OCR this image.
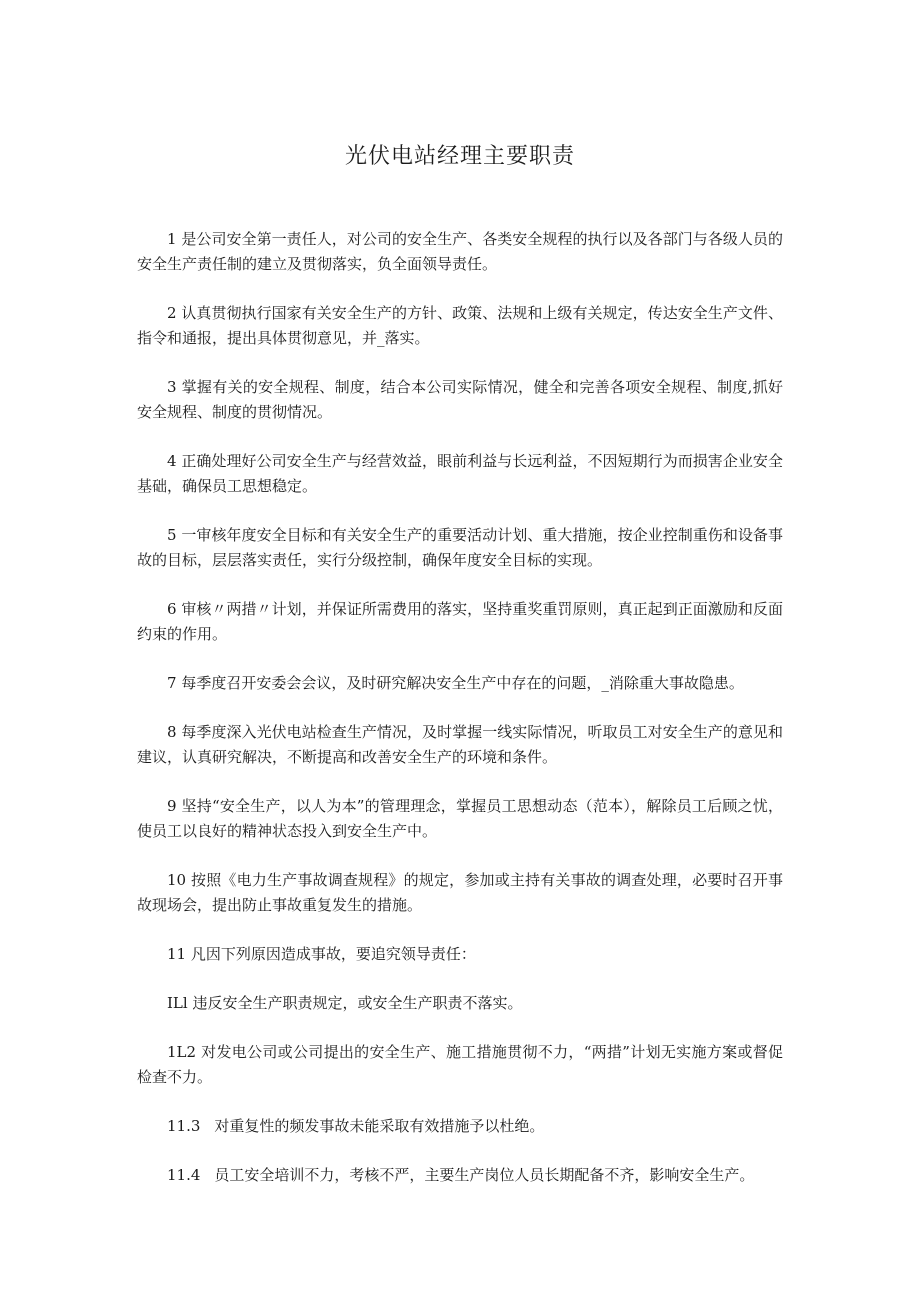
光伏电站经理主要职责

1 是公司安全第一责任人，对公司的安全生产、各类安全规程的执行以及各部门与各级人员的安全生产责任制的建立及贯彻落实，负全面领导责任。

2 认真贯彻执行国家有关安全生产的方针、政策、法规和上级有关规定，传达安全生产文件、指令和通报，提出具体贯彻意见，并_落实。

3 掌握有关的安全规程、制度，结合本公司实际情况，健全和完善各项安全规程、制度,抓好安全规程、制度的贯彻情况。

4 正确处理好公司安全生产与经营效益，眼前利益与长远利益，不因短期行为而损害企业安全基础，确保员工思想稳定。

5 一审核年度安全目标和有关安全生产的重要活动计划、重大措施，按企业控制重伤和设备事故的目标，层层落实责任，实行分级控制，确保年度安全目标的实现。

6 审核〃两措〃计划，并保证所需费用的落实，坚持重奖重罚原则，真正起到正面激励和反面约束的作用。

7 每季度召开安委会会议，及时研究解决安全生产中存在的问题，_消除重大事故隐患。

8 每季度深入光伏电站检查生产情况，及时掌握一线实际情况，听取员工对安全生产的意见和建议，认真研究解决，不断提高和改善安全生产的环境和条件。

9 坚持“安全生产，以人为本”的管理理念，掌握员工思想动态（范本），解除员工后顾之忧，使员工以良好的精神状态投入到安全生产中。

10 按照《电力生产事故调查规程》的规定，参加或主持有关事故的调查处理，必要时召开事故现场会，提出防止事故重复发生的措施。

11 凡因下列原因造成事故，要追究领导责任：

ILl 违反安全生产职责规定，或安全生产职责不落实。

1L2 对发电公司或公司提出的安全生产、施工措施贯彻不力，“两措”计划无实施方案或督促检查不力。

11.3 对重复性的频发事故未能采取有效措施予以杜绝。

11.4 员工安全培训不力，考核不严，主要生产岗位人员长期配备不齐，影响安全生产。
